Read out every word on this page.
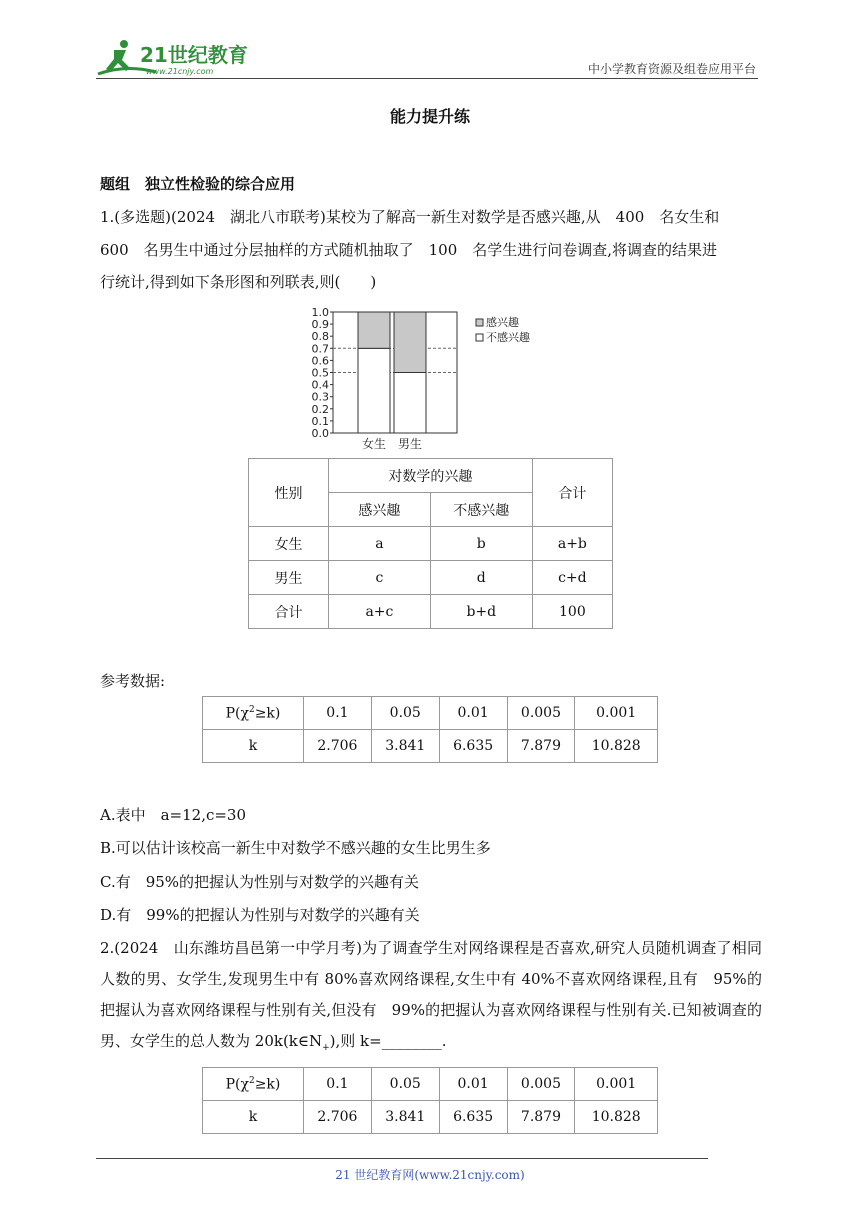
21世纪教育
www.21cnjy.com	中小学教育资源及组卷应用平台
能力提升练
题组　独立性检验的综合应用
1.(多选题)(2024　湖北八市联考)某校为了解高一新生对数学是否感兴趣,从　400　名女生和
600　名男生中通过分层抽样的方式随机抽取了　100　名学生进行问卷调查,将调查的结果进
行统计,得到如下条形图和列联表,则(　　)
0.0
0.1
0.2
0.3
0.4
0.5
0.6
0.7
0.8
0.9
1.0
女生 男生
感兴趣
不感兴趣
性别	对数学的兴趣		合计
	感兴趣	不感兴趣	
女生	a	b	a+b
男生	c	d	c+d
合计	a+c	b+d	100
参考数据:
$P(\chi^2\ge k)$	0.1	0.05	0.01	0.005	0.001
k	2.706	3.841	6.635	7.879	10.828
A.表中　a=12,c=30
B.可以估计该校高一新生中对数学不感兴趣的女生比男生多
C.有　95%的把握认为性别与对数学的兴趣有关
D.有　99%的把握认为性别与对数学的兴趣有关
2.(2024　山东潍坊昌邑第一中学月考)为了调查学生对网络课程是否喜欢,研究人员随机调查了相同人数的男、女学生,发现男生中有 80%喜欢网络课程,女生中有 40%不喜欢网络课程,且有　95%的把握认为喜欢网络课程与性别有关,但没有　99%的把握认为喜欢网络课程与性别有关.已知被调查的男、女学生的总人数为 $20k(k\in N_+)$,则 k=________.
$P(\chi^2\ge k)$	0.1	0.05	0.01	0.005	0.001
k	2.706	3.841	6.635	7.879	10.828
21 世纪教育网(www.21cnjy.com)
